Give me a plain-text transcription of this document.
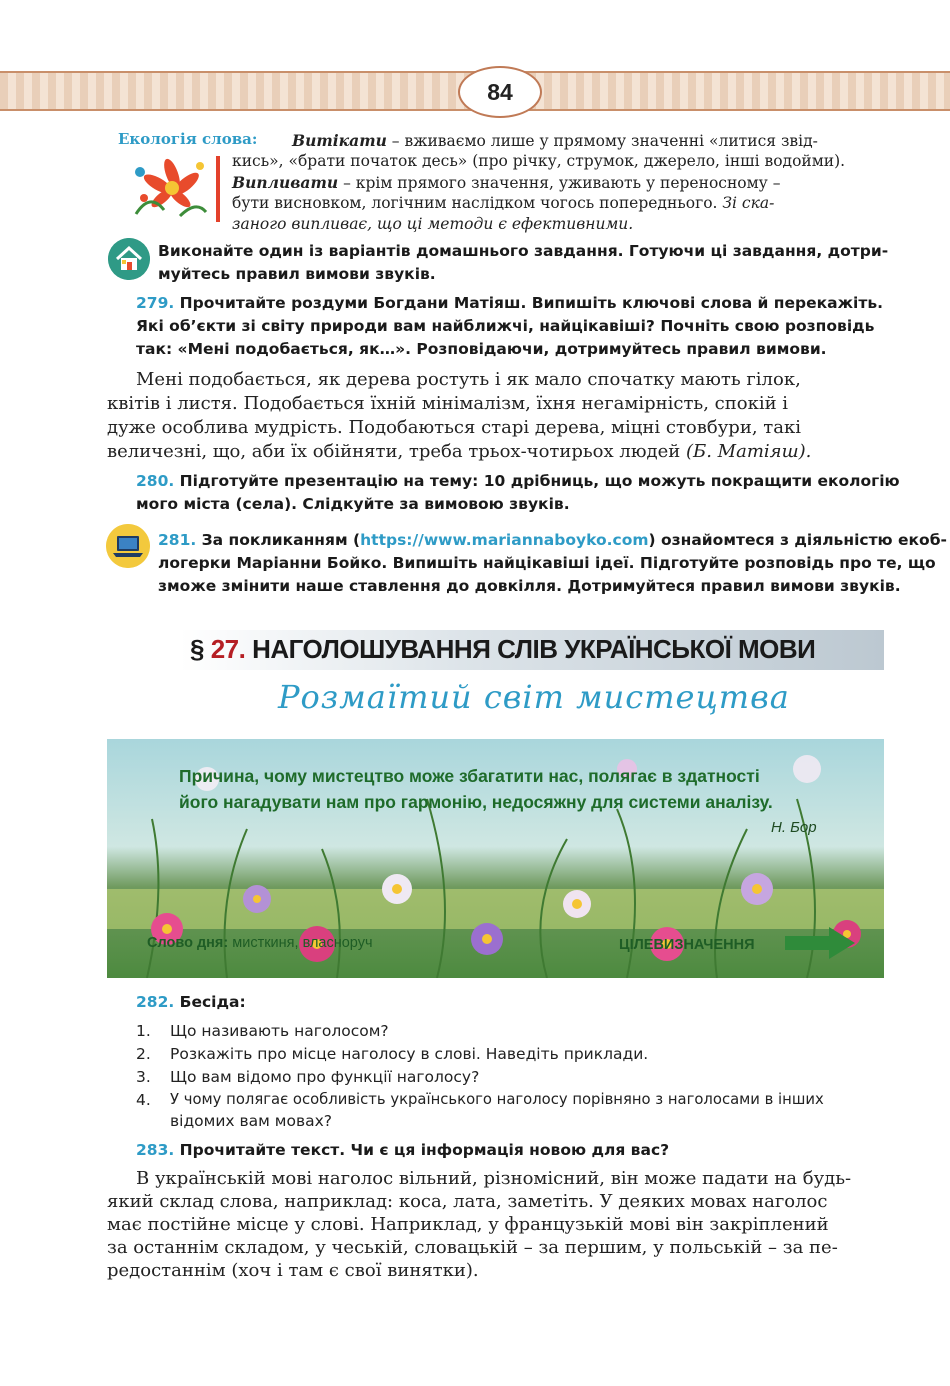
84
Екологія слова: Витікати – вживаємо лише у прямому значенні «литися звід-
кись», «брати початок десь» (про річку, струмок, джерело, інші водойми).
Випливати – крім прямого значення, уживають у переносному –
бути висновком, логічним наслідком чогось попереднього. Зі ска-
заного випливає, що ці методи є ефективними.
Виконайте один із варіантів домашнього завдання. Готуючи ці завдання, дотри-
муйтесь правил вимови звуків.
279. Прочитайте роздуми Богдани Матіяш. Випишіть ключові слова й перекажіть.
Які об’єкти зі світу природи вам найближчі, найцікавіші? Почніть свою розповідь
так: «Мені подобається, як…». Розповідаючи, дотримуйтесь правил вимови.
Мені подобається, як дерева ростуть і як мало спочатку мають гілок,
квітів і листя. Подобається їхній мінімалізм, їхня негамірність, спокій і
дуже особлива мудрість. Подобаються старі дерева, міцні стовбури, такі
величезні, що, аби їх обійняти, треба трьох-чотирьох людей (Б. Матіяш).
280. Підготуйте презентацію на тему: 10 дрібниць, що можуть покращити екологію
мого міста (села). Слідкуйте за вимовою звуків.
281. За покликанням (https://www.mariannaboyko.com) ознайомтеся з діяльністю екоб-
логерки Маріанни Бойко. Випишіть найцікавіші ідеї. Підготуйте розповідь про те, що
зможе змінити наше ставлення до довкілля. Дотримуйтеся правил вимови звуків.
§ 27. НАГОЛОШУВАННЯ СЛІВ УКРАЇНСЬКОЇ МОВИ
Розмаїтий світ мистецтва
Причина, чому мистецтво може збагатити нас, полягає в здатності
його нагадувати нам про гармонію, недосяжну для системи аналізу.
Н. Бор
Слово дня: мисткиня, власноруч	ЦІЛЕВИЗНАЧЕННЯ
282. Бесіда:
1. Що називають наголосом?
2. Розкажіть про місце наголосу в слові. Наведіть приклади.
3. Що вам відомо про функції наголосу?
4. У чому полягає особливість українського наголосу порівняно з наголосами в інших
відомих вам мовах?
283. Прочитайте текст. Чи є ця інформація новою для вас?
В українській мові наголос вільний, різномісний, він може падати на будь-
який склад слова, наприклад: коса, лата, заметіть. У деяких мовах наголос
має постійне місце у слові. Наприклад, у французькій мові він закріплений
за останнім складом, у чеській, словацькій – за першим, у польській – за пе-
редостаннім (хоч і там є свої винятки).
